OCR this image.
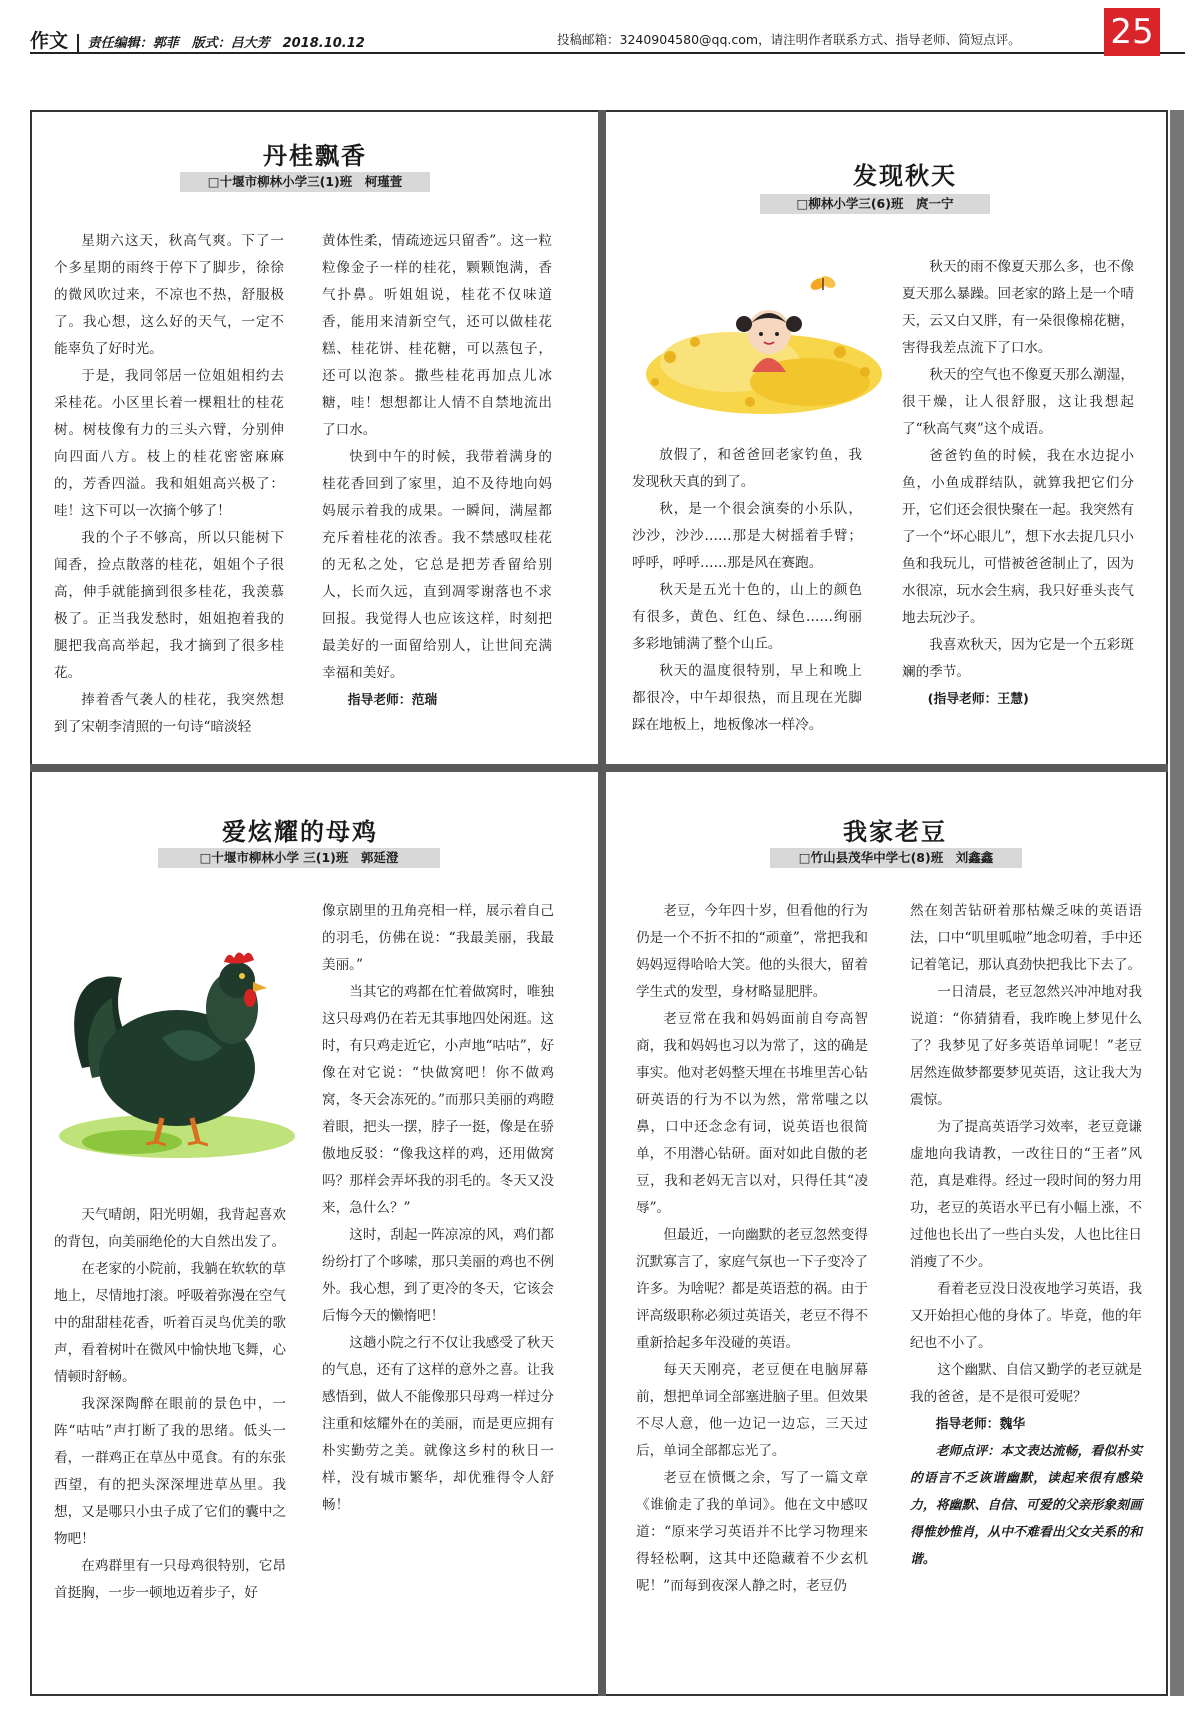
作文 责任编辑：郭菲　版式：吕大芳　2018.10.12	投稿邮箱：3240904580@qq.com，请注明作者联系方式、指导老师、简短点评。	25
丹桂飘香
□十堰市柳林小学三(1)班　柯瑾萱

星期六这天，秋高气爽。下了一个多星期的雨终于停下了脚步，徐徐的微风吹过来，不凉也不热，舒服极了。我心想，这么好的天气，一定不能辜负了好时光。

于是，我同邻居一位姐姐相约去采桂花。小区里长着一棵粗壮的桂花树。树枝像有力的三头六臂，分别伸向四面八方。枝上的桂花密密麻麻的，芳香四溢。我和姐姐高兴极了：哇！这下可以一次摘个够了！

我的个子不够高，所以只能树下闻香，捡点散落的桂花，姐姐个子很高，伸手就能摘到很多桂花，我羡慕极了。正当我发愁时，姐姐抱着我的腿把我高高举起，我才摘到了很多桂花。

捧着香气袭人的桂花，我突然想到了宋朝李清照的一句诗“暗淡轻

黄体性柔，情疏迹远只留香”。这一粒粒像金子一样的桂花，颗颗饱满，香气扑鼻。听姐姐说，桂花不仅味道香，能用来清新空气，还可以做桂花糕、桂花饼、桂花糖，可以蒸包子，还可以泡茶。撒些桂花再加点儿冰糖，哇！想想都让人情不自禁地流出了口水。

快到中午的时候，我带着满身的桂花香回到了家里，迫不及待地向妈妈展示着我的成果。一瞬间，满屋都充斥着桂花的浓香。我不禁感叹桂花的无私之处，它总是把芳香留给别人，长而久远，直到凋零谢落也不求回报。我觉得人也应该这样，时刻把最美好的一面留给别人，让世间充满幸福和美好。

指导老师：范瑞

发现秋天
□柳林小学三(6)班　庹一宁

放假了，和爸爸回老家钓鱼，我发现秋天真的到了。

秋，是一个很会演奏的小乐队，沙沙，沙沙……那是大树摇着手臂；呼呼，呼呼……那是风在赛跑。

秋天是五光十色的，山上的颜色有很多，黄色、红色、绿色……绚丽多彩地铺满了整个山丘。

秋天的温度很特别，早上和晚上都很冷，中午却很热，而且现在光脚踩在地板上，地板像冰一样冷。

秋天的雨不像夏天那么多，也不像夏天那么暴躁。回老家的路上是一个晴天，云又白又胖，有一朵很像棉花糖，害得我差点流下了口水。

秋天的空气也不像夏天那么潮湿，很干燥，让人很舒服，这让我想起了“秋高气爽”这个成语。

爸爸钓鱼的时候，我在水边捉小鱼，小鱼成群结队，就算我把它们分开，它们还会很快聚在一起。我突然有了一个“坏心眼儿”，想下水去捉几只小鱼和我玩儿，可惜被爸爸制止了，因为水很凉，玩水会生病，我只好垂头丧气地去玩沙子。

我喜欢秋天，因为它是一个五彩斑斓的季节。

(指导老师：王慧)

爱炫耀的母鸡
□十堰市柳林小学 三(1)班　郭延澄

天气晴朗，阳光明媚，我背起喜欢的背包，向美丽绝伦的大自然出发了。

在老家的小院前，我躺在软软的草地上，尽情地打滚。呼吸着弥漫在空气中的甜甜桂花香，听着百灵鸟优美的歌声，看着树叶在微风中愉快地飞舞，心情顿时舒畅。

我深深陶醉在眼前的景色中，一阵“咕咕”声打断了我的思绪。低头一看，一群鸡正在草丛中觅食。有的东张西望，有的把头深深埋进草丛里。我想，又是哪只小虫子成了它们的囊中之物吧！

在鸡群里有一只母鸡很特别，它昂首挺胸，一步一顿地迈着步子，好

像京剧里的丑角亮相一样，展示着自己的羽毛，仿佛在说：“我最美丽，我最美丽。”

当其它的鸡都在忙着做窝时，唯独这只母鸡仍在若无其事地四处闲逛。这时，有只鸡走近它，小声地“咕咕”，好像在对它说：“快做窝吧！你不做鸡窝，冬天会冻死的。”而那只美丽的鸡瞪着眼，把头一摆，脖子一挺，像是在骄傲地反驳：“像我这样的鸡，还用做窝吗？那样会弄坏我的羽毛的。冬天又没来，急什么？”

这时，刮起一阵凉凉的风，鸡们都纷纷打了个哆嗦，那只美丽的鸡也不例外。我心想，到了更冷的冬天，它该会后悔今天的懒惰吧！

这趟小院之行不仅让我感受了秋天的气息，还有了这样的意外之喜。让我感悟到，做人不能像那只母鸡一样过分注重和炫耀外在的美丽，而是更应拥有朴实勤劳之美。就像这乡村的秋日一样，没有城市繁华，却优雅得令人舒畅！

我家老豆
□竹山县茂华中学七(8)班　刘鑫鑫

老豆，今年四十岁，但看他的行为仍是一个不折不扣的“顽童”，常把我和妈妈逗得哈哈大笑。他的头很大，留着学生式的发型，身材略显肥胖。

老豆常在我和妈妈面前自夸高智商，我和妈妈也习以为常了，这的确是事实。他对老妈整天埋在书堆里苦心钻研英语的行为不以为然，常常嗤之以鼻，口中还念念有词，说英语也很简单，不用潜心钻研。面对如此自傲的老豆，我和老妈无言以对，只得任其“凌辱”。

但最近，一向幽默的老豆忽然变得沉默寡言了，家庭气氛也一下子变冷了许多。为啥呢？都是英语惹的祸。由于评高级职称必须过英语关，老豆不得不重新拾起多年没碰的英语。

每天天刚亮，老豆便在电脑屏幕前，想把单词全部塞进脑子里。但效果不尽人意，他一边记一边忘，三天过后，单词全部都忘光了。

老豆在愤慨之余，写了一篇文章《谁偷走了我的单词》。他在文中感叹道：“原来学习英语并不比学习物理来得轻松啊，这其中还隐藏着不少玄机呢！”而每到夜深人静之时，老豆仍

然在刻苦钻研着那枯燥乏味的英语语法，口中“叽里呱啦”地念叨着，手中还记着笔记，那认真劲快把我比下去了。

一日清晨，老豆忽然兴冲冲地对我说道：“你猜猜看，我昨晚上梦见什么了？我梦见了好多英语单词呢！”老豆居然连做梦都要梦见英语，这让我大为震惊。

为了提高英语学习效率，老豆竟谦虚地向我请教，一改往日的“王者”风范，真是难得。经过一段时间的努力用功，老豆的英语水平已有小幅上涨，不过他也长出了一些白头发，人也比往日消瘦了不少。

看着老豆没日没夜地学习英语，我又开始担心他的身体了。毕竟，他的年纪也不小了。

这个幽默、自信又勤学的老豆就是我的爸爸，是不是很可爱呢？

指导老师：魏华

老师点评：本文表达流畅，看似朴实的语言不乏诙谐幽默，读起来很有感染力，将幽默、自信、可爱的父亲形象刻画得惟妙惟肖，从中不难看出父女关系的和谐。
